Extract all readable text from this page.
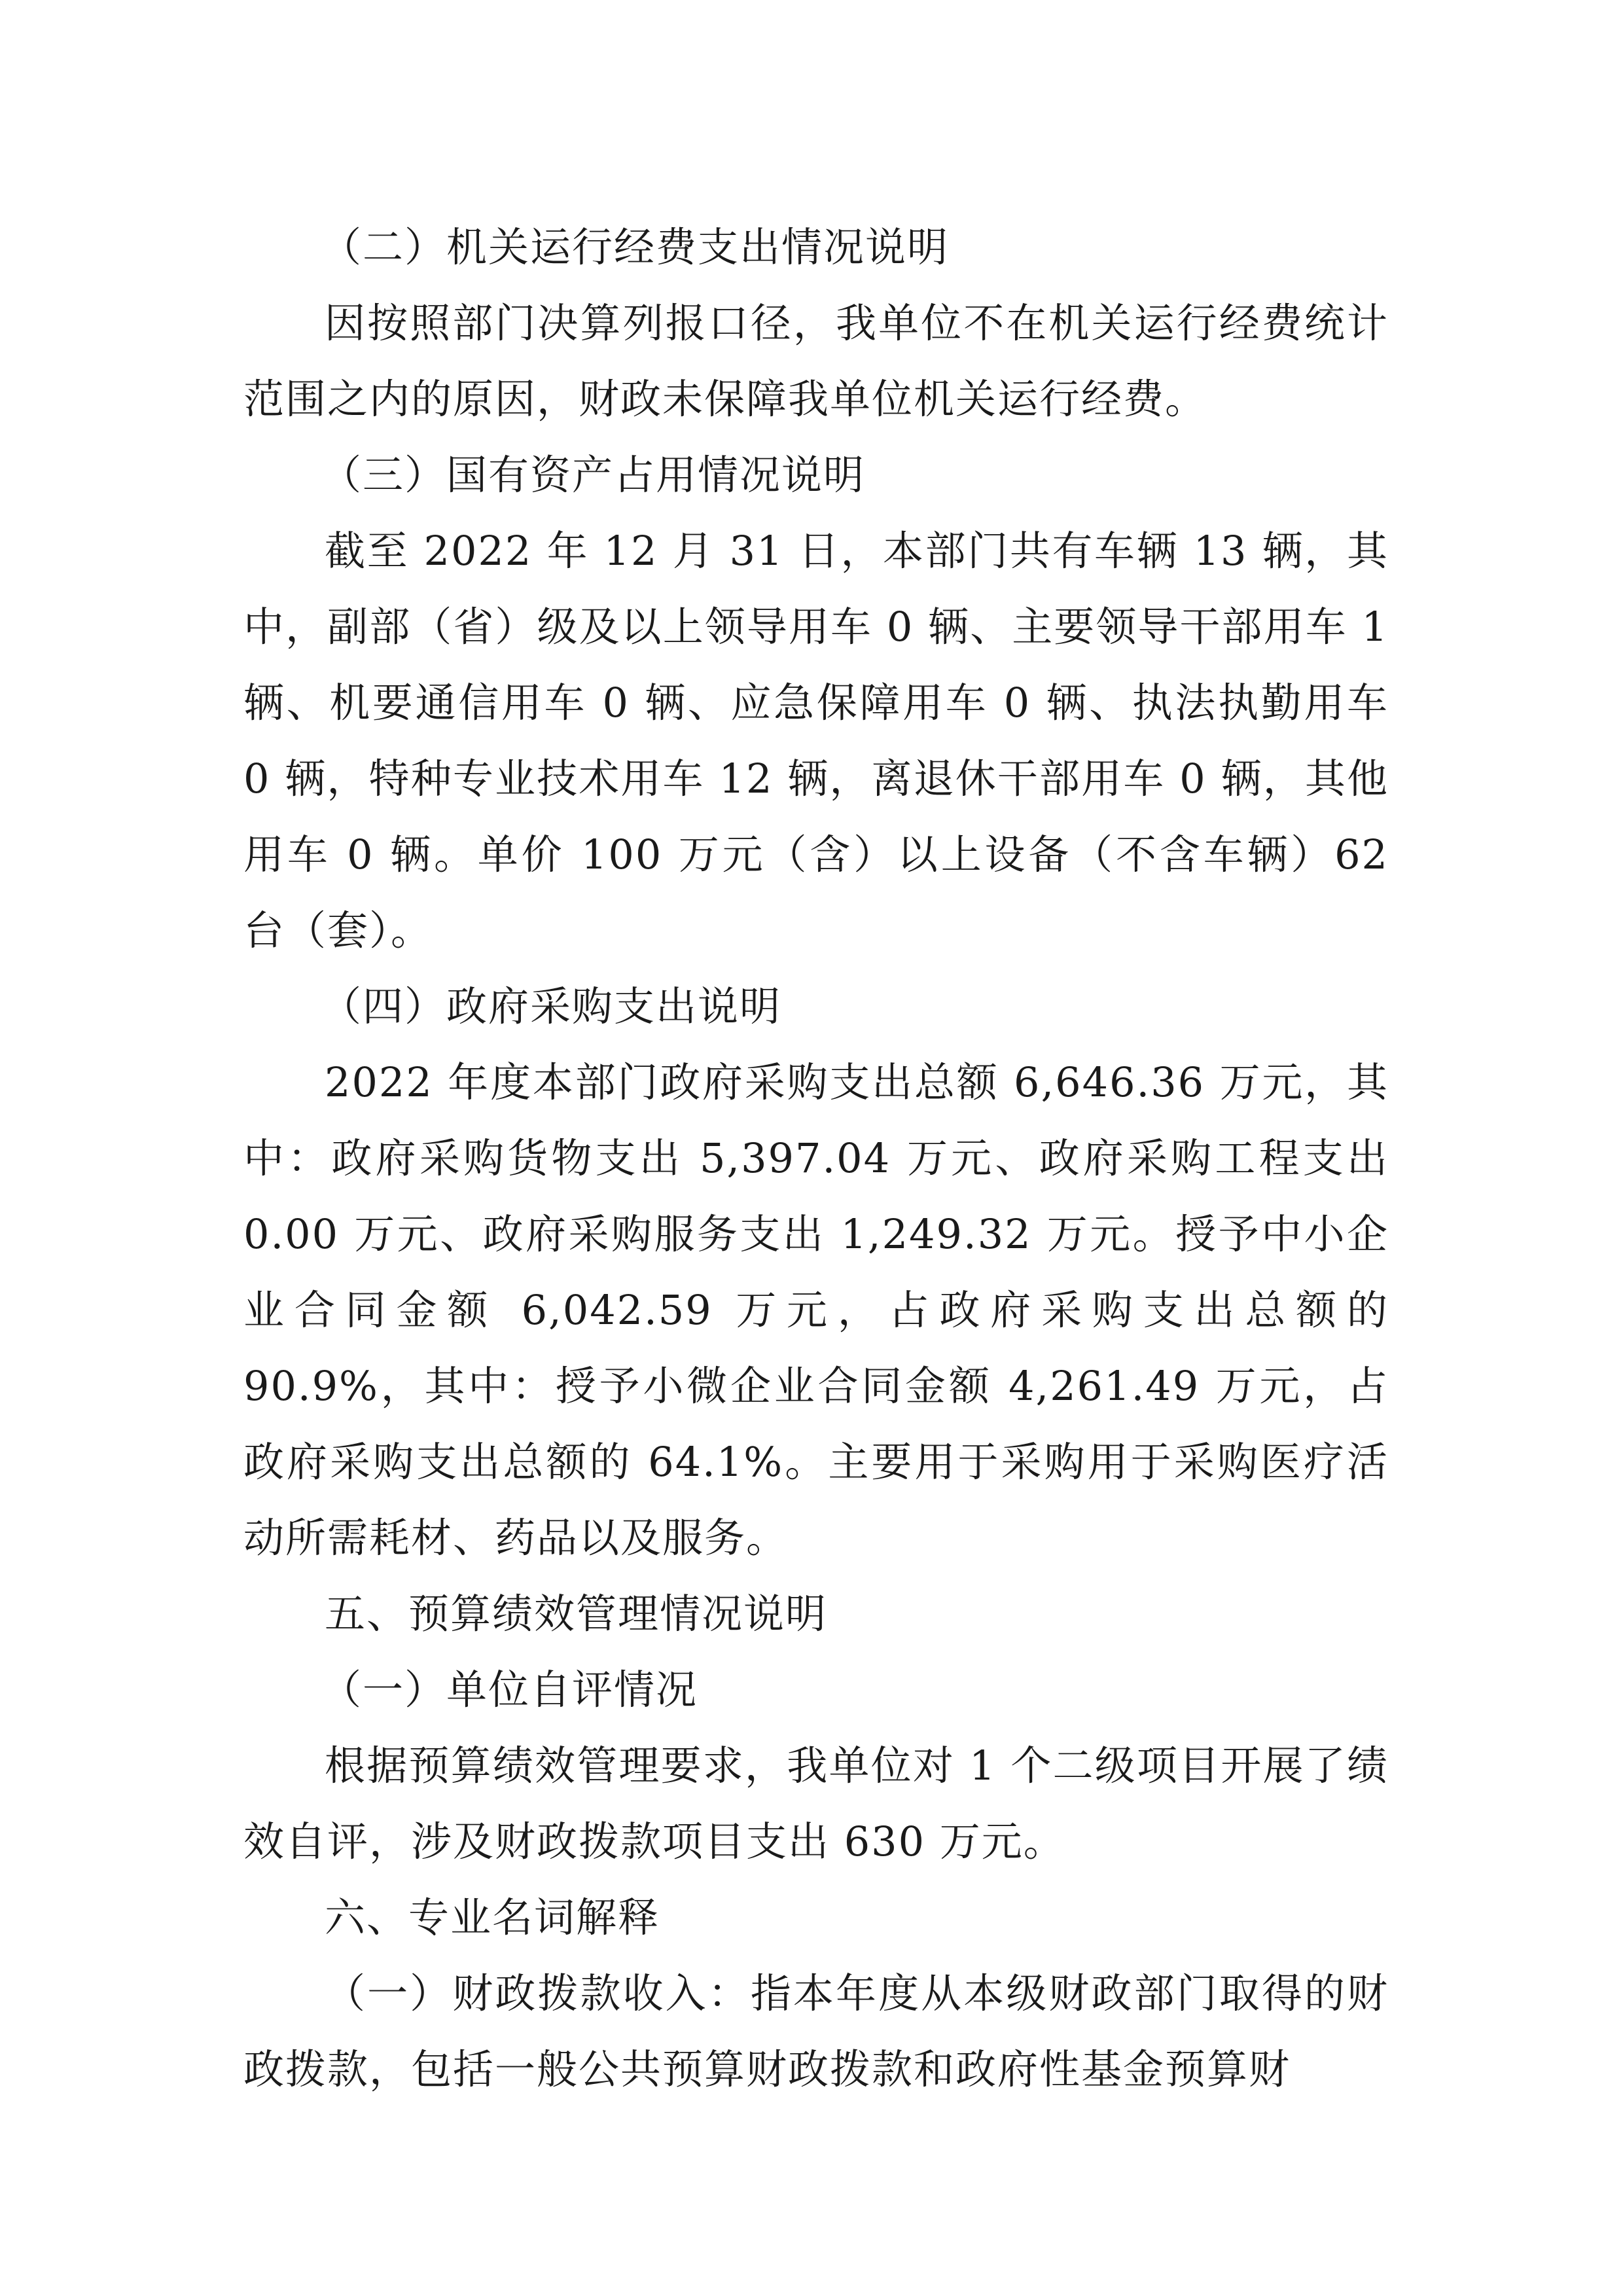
（二）机关运行经费支出情况说明

因按照部门决算列报口径，我单位不在机关运行经费统计范围之内的原因，财政未保障我单位机关运行经费。

（三）国有资产占用情况说明

截至 2022 年 12 月 31 日，本部门共有车辆 13 辆，其中，副部（省）级及以上领导用车 0 辆、主要领导干部用车 1 辆、机要通信用车 0 辆、应急保障用车 0 辆、执法执勤用车 0 辆，特种专业技术用车 12 辆，离退休干部用车 0 辆，其他用车 0 辆。单价 100 万元（含）以上设备（不含车辆）62 台（套）。

（四）政府采购支出说明

2022 年度本部门政府采购支出总额 6,646.36 万元，其中：政府采购货物支出 5,397.04 万元、政府采购工程支出 0.00 万元、政府采购服务支出 1,249.32 万元。授予中小企业合同金额 6,042.59 万元，占政府采购支出总额的 90.9%，其中：授予小微企业合同金额 4,261.49 万元，占政府采购支出总额的 64.1%。主要用于采购用于采购医疗活动所需耗材、药品以及服务。

五、预算绩效管理情况说明

（一）单位自评情况

根据预算绩效管理要求，我单位对 1 个二级项目开展了绩效自评，涉及财政拨款项目支出 630 万元。

六、专业名词解释

（一）财政拨款收入：指本年度从本级财政部门取得的财政拨款，包括一般公共预算财政拨款和政府性基金预算财
